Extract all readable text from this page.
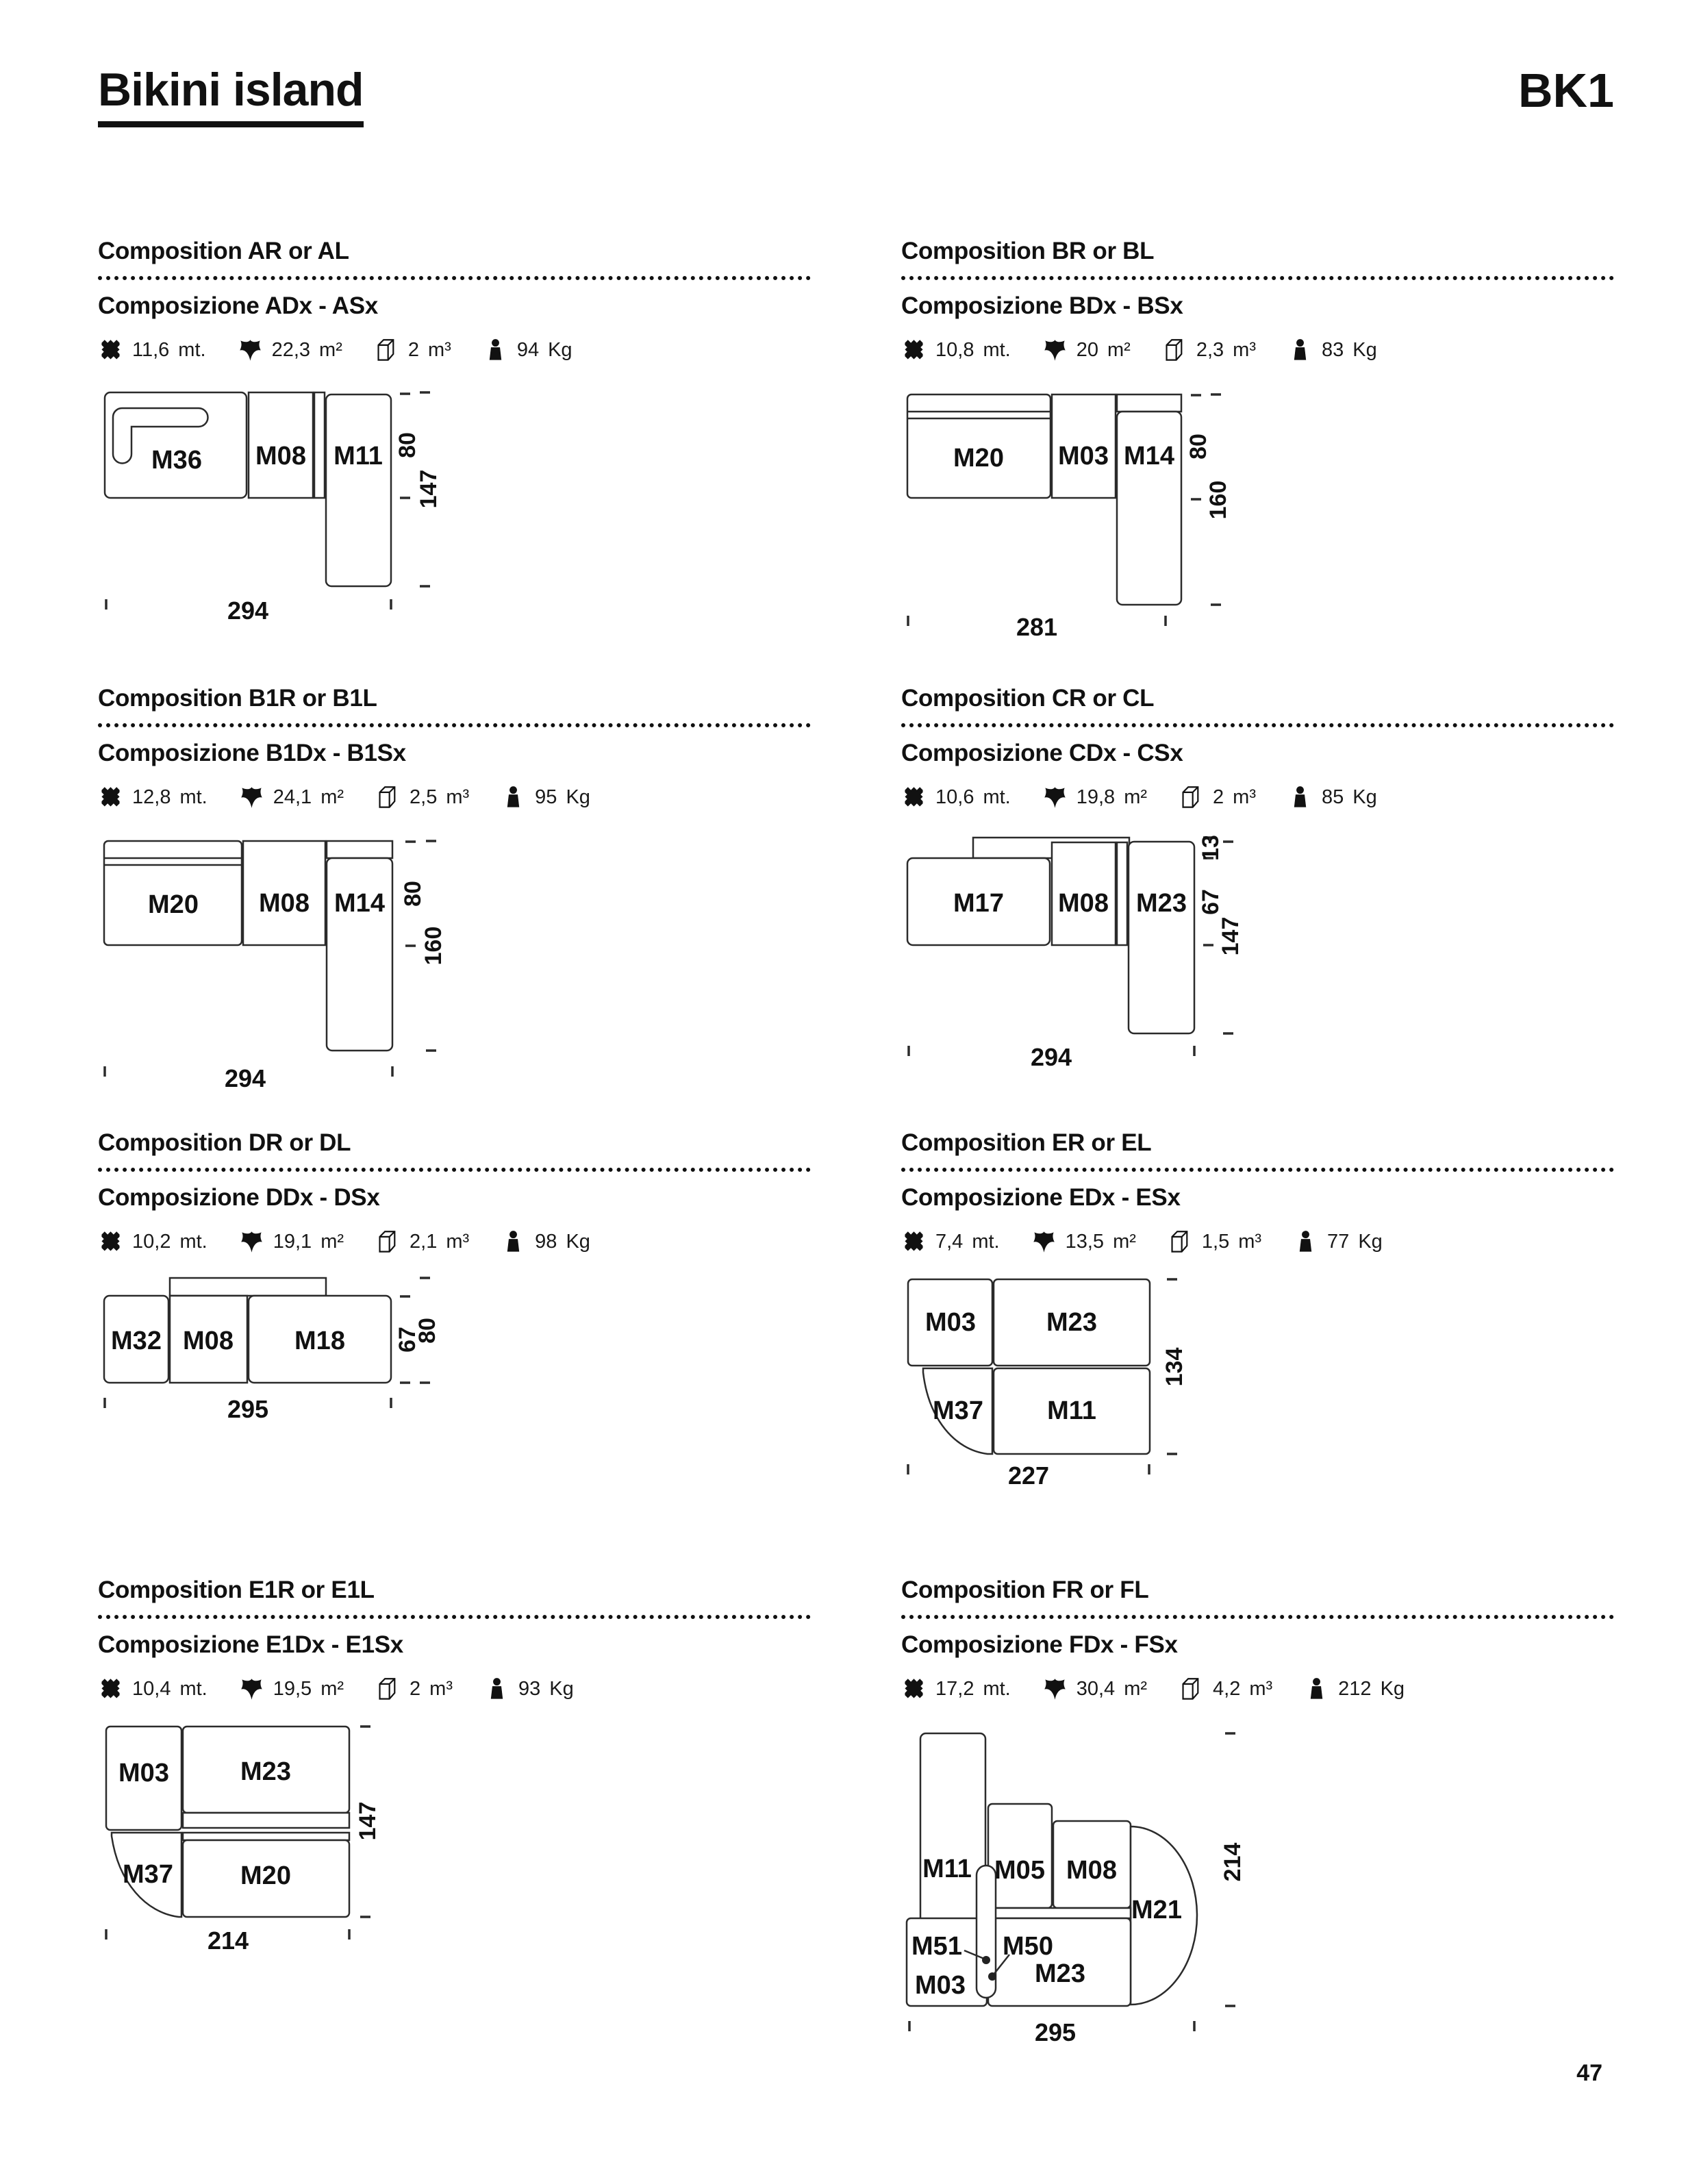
Bikini island	BK1
Composition AR or AL
Composizione ADx - ASx
11,6 mt.	22,3 m²	2 m³	94 Kg
M36 M08 M11 80
147
294
Composition BR or BL
Composizione BDx - BSx
10,8 mt.	20 m²	2,3 m³	83 Kg
M20 M03 M14 80
160
281
Composition B1R or B1L
Composizione B1Dx - B1Sx
12,8 mt.	24,1 m²	2,5 m³	95 Kg
M20 M08 M14 80
160
294
Composition CR or CL
Composizione CDx - CSx
10,6 mt.	19,8 m²	2 m³	85 Kg
M17 M08 M23
13
67
147
294
Composition DR or DL
Composizione DDx - DSx
10,2 mt.	19,1 m²	2,1 m³	98 Kg
M32 M08 M18 67
80
295
Composition ER or EL
Composizione EDx - ESx
7,4 mt.	13,5 m²	1,5 m³	77 Kg
M03	M23
M37 M11
134
227
Composition E1R or E1L
Composizione E1Dx - E1Sx
10,4 mt.	19,5 m²	2 m³	93 Kg
M03	M23
M37	M20
147
214
Composition FR or FL
Composizione FDx - FSx
17,2 mt.	30,4 m²	4,2 m³	212 Kg
M11 M05 M08
M21
M23
M03
M51 M50
214
295
47
